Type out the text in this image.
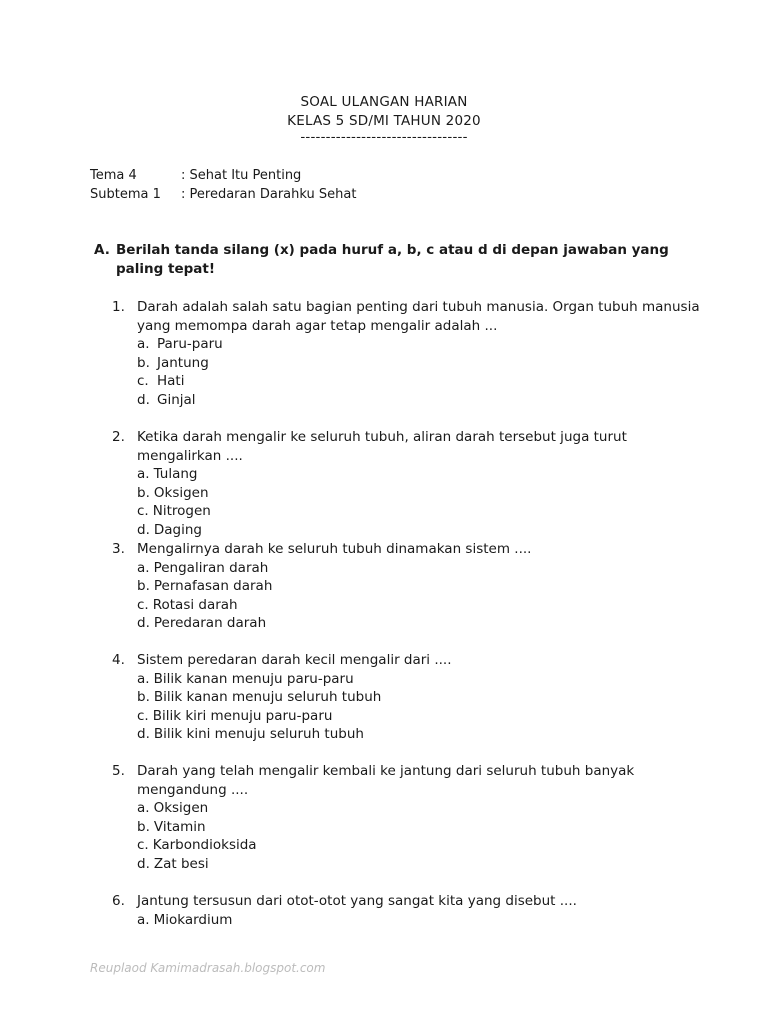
SOAL ULANGAN HARIAN
KELAS 5 SD/MI TAHUN 2020
---------------------------------
Tema 4	: Sehat Itu Penting
Subtema 1 : Peredaran Darahku Sehat
A. Berilah tanda silang (x) pada huruf a, b, c atau d di depan jawaban yang paling tepat!
1. Darah adalah salah satu bagian penting dari tubuh manusia. Organ tubuh manusia yang memompa darah agar tetap mengalir adalah ...
a. Paru-paru
b. Jantung
c. Hati
d. Ginjal
2. Ketika darah mengalir ke seluruh tubuh, aliran darah tersebut juga turut mengalirkan ....
a. Tulang
b. Oksigen
c. Nitrogen
d. Daging
3. Mengalirnya darah ke seluruh tubuh dinamakan sistem ....
a. Pengaliran darah
b. Pernafasan darah
c. Rotasi darah
d. Peredaran darah
4. Sistem peredaran darah kecil mengalir dari ....
a. Bilik kanan menuju paru-paru
b. Bilik kanan menuju seluruh tubuh
c. Bilik kiri menuju paru-paru
d. Bilik kini menuju seluruh tubuh
5. Darah yang telah mengalir kembali ke jantung dari seluruh tubuh banyak mengandung ....
a. Oksigen
b. Vitamin
c. Karbondioksida
d. Zat besi
6. Jantung tersusun dari otot-otot yang sangat kita yang disebut ....
a. Miokardium
Reuplaod Kamimadrasah.blogspot.com
